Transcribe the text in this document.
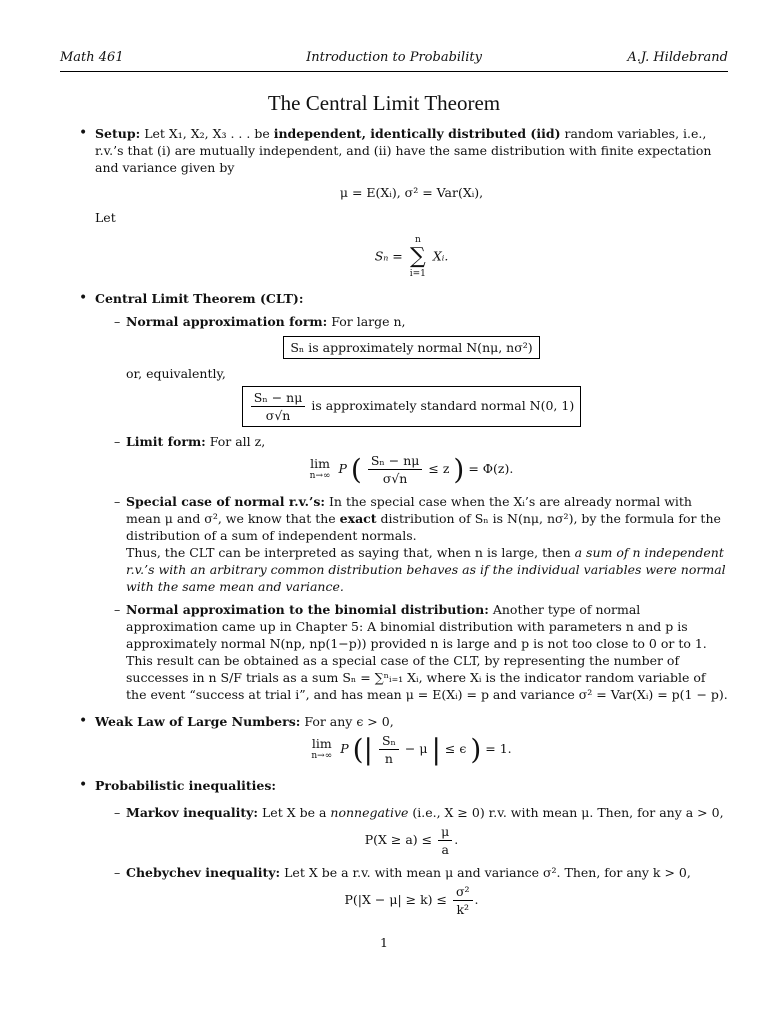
Math 461	Introduction to Probability	A.J. Hildebrand
The Central Limit Theorem
• Setup: Let X₁, X₂, X₃ . . . be independent, identically distributed (iid) random variables, i.e., r.v.’s that (i) are mutually independent, and (ii) have the same distribution with finite expectation and variance given by

μ = E(Xᵢ), σ² = Var(Xᵢ),

Let

Sₙ =
n
∑
i=1
Xᵢ.
• Central Limit Theorem (CLT):

– Normal approximation form: For large n,

Sₙ is approximately normal N(nμ, nσ²)

or, equivalently,

$\frac{\text{Sₙ − nμ}}{\sigma√n}$ is approximately standard normal N(0, 1)
– Limit form: For all z,

lim
n→∞ P ( $\frac{\text{Sₙ − nμ}}{\sigma√n} \le z$ ) = Φ(z).
– Special case of normal r.v.’s: In the special case when the Xᵢ’s are already normal with mean μ and σ², we know that the exact distribution of Sₙ is N(nμ, nσ²), by the formula for the distribution of a sum of independent normals.

Thus, the CLT can be interpreted as saying that, when n is large, then a sum of n independent r.v.’s with an arbitrary common distribution behaves as if the individual variables were normal with the same mean and variance.

– Normal approximation to the binomial distribution: Another type of normal approximation came up in Chapter 5: A binomial distribution with parameters n and p is approximately normal N(np, np(1−p)) provided n is large and p is not too close to 0 or to 1. This result can be obtained as a special case of the CLT, by representing the number of successes in n S/F trials as a sum Sₙ = ∑ⁿᵢ₌₁ Xᵢ, where Xᵢ is the indicator random variable of the event “success at trial i”, and has mean μ = E(Xᵢ) = p and variance σ² = Var(Xᵢ) = p(1 − p).

• Weak Law of Large Numbers: For any ϵ > 0,

lim
n→∞ P (| $\frac{\text{Sₙ}}{n} - \mu$ | ≤ ϵ ) = 1.
• Probabilistic inequalities:

– Markov inequality: Let X be a nonnegative (i.e., X ≥ 0) r.v. with mean μ. Then, for any a > 0,

$P(X \ge a) \le \frac{\mu}{a}$ .
– Chebychev inequality: Let X be a r.v. with mean μ and variance σ². Then, for any k > 0,

$P(|X - \mu| \ge k) \le \frac{\text{σ²}}{\text{k²}}$ .
1
